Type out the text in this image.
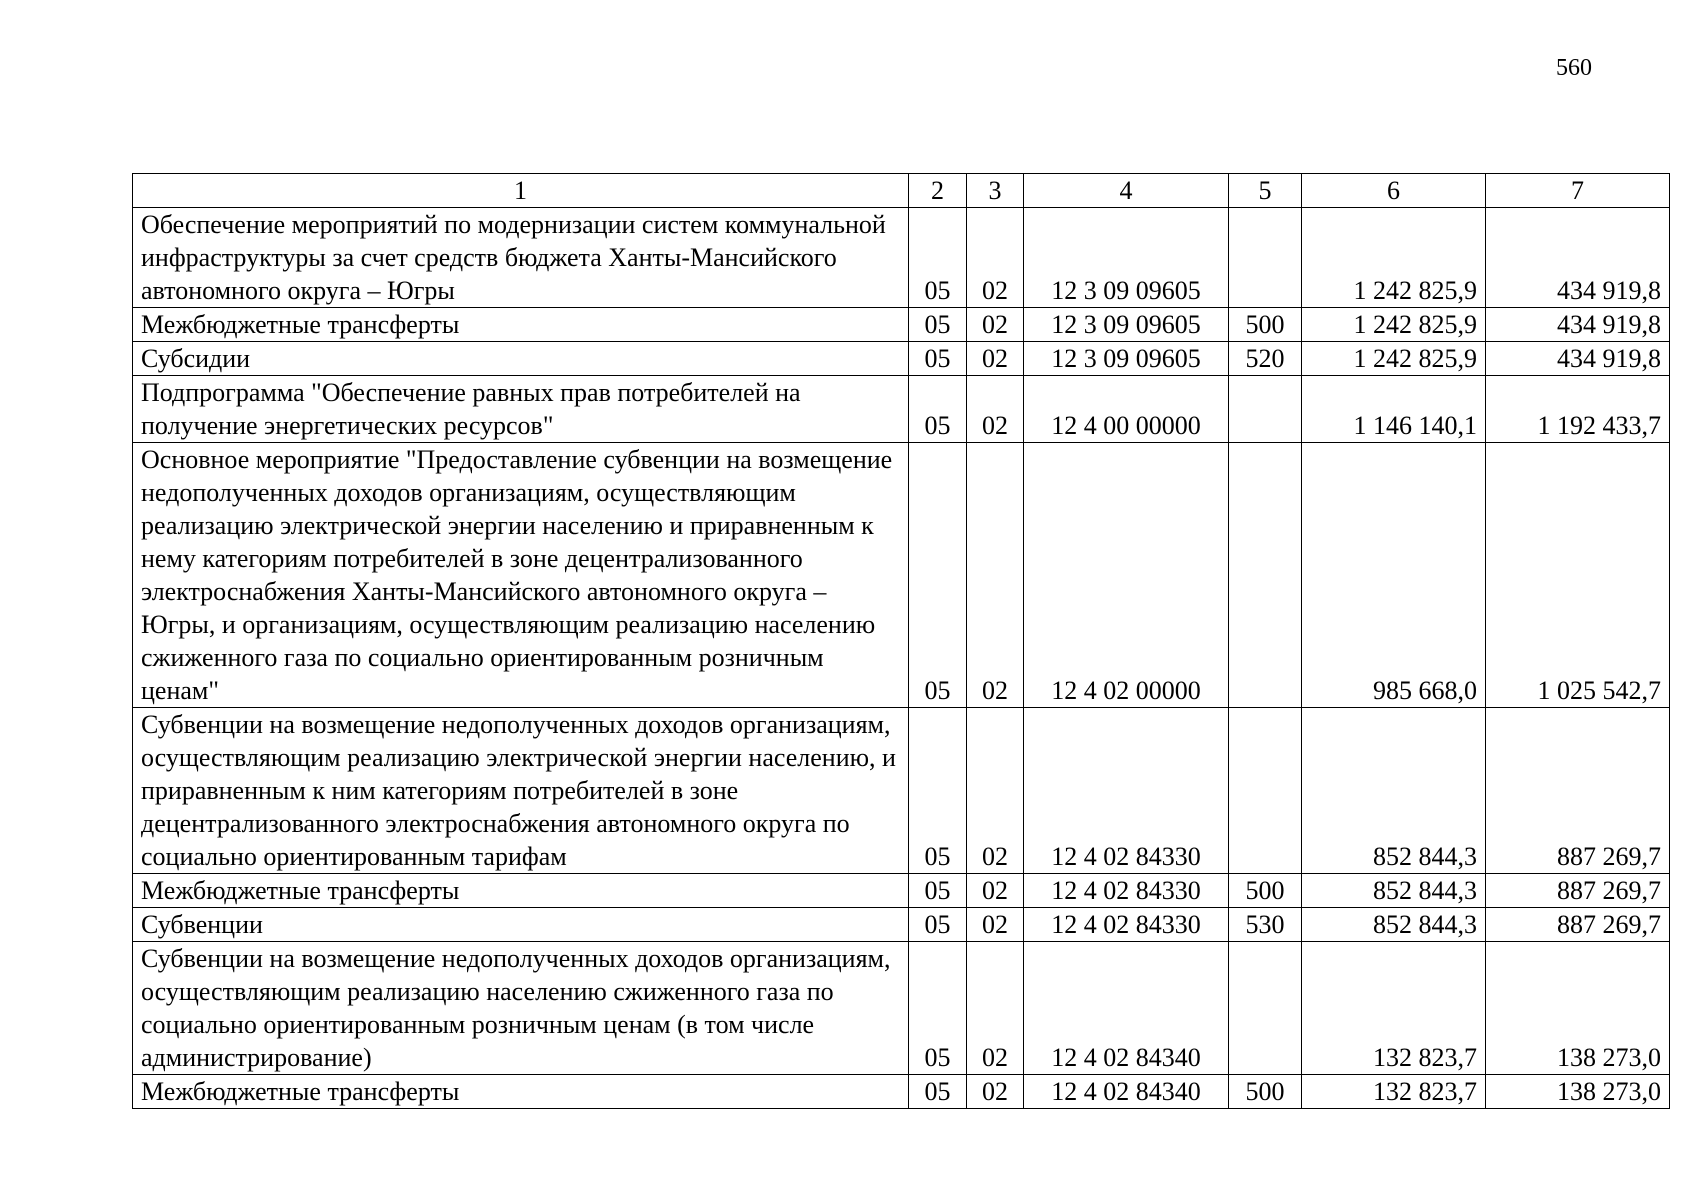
560
1	2	3	4	5	6	7
Обеспечение мероприятий по модернизации систем коммунальной инфраструктуры за счет средств бюджета Ханты-Мансийского автономного округа – Югры	05	02	12 3 09 09605		1 242 825,9	434 919,8
Межбюджетные трансферты	05	02	12 3 09 09605	500	1 242 825,9	434 919,8
Субсидии	05	02	12 3 09 09605	520	1 242 825,9	434 919,8
Подпрограмма "Обеспечение равных прав потребителей на получение энергетических ресурсов"	05	02	12 4 00 00000		1 146 140,1	1 192 433,7
Основное мероприятие "Предоставление субвенции на возмещение недополученных доходов организациям, осуществляющим реализацию электрической энергии населению и приравненным к нему категориям потребителей в зоне децентрализованного электроснабжения Ханты-Мансийского автономного округа – Югры, и организациям, осуществляющим реализацию населению сжиженного газа по социально ориентированным розничным ценам"	05	02	12 4 02 00000		985 668,0	1 025 542,7
Субвенции на возмещение недополученных доходов организациям, осуществляющим реализацию электрической энергии населению, и приравненным к ним категориям потребителей в зоне децентрализованного электроснабжения автономного округа по социально ориентированным тарифам	05	02	12 4 02 84330		852 844,3	887 269,7
Межбюджетные трансферты	05	02	12 4 02 84330	500	852 844,3	887 269,7
Субвенции	05	02	12 4 02 84330	530	852 844,3	887 269,7
Субвенции на возмещение недополученных доходов организациям, осуществляющим реализацию населению сжиженного газа по социально ориентированным розничным ценам (в том числе администрирование)	05	02	12 4 02 84340		132 823,7	138 273,0
Межбюджетные трансферты	05	02	12 4 02 84340	500	132 823,7	138 273,0
